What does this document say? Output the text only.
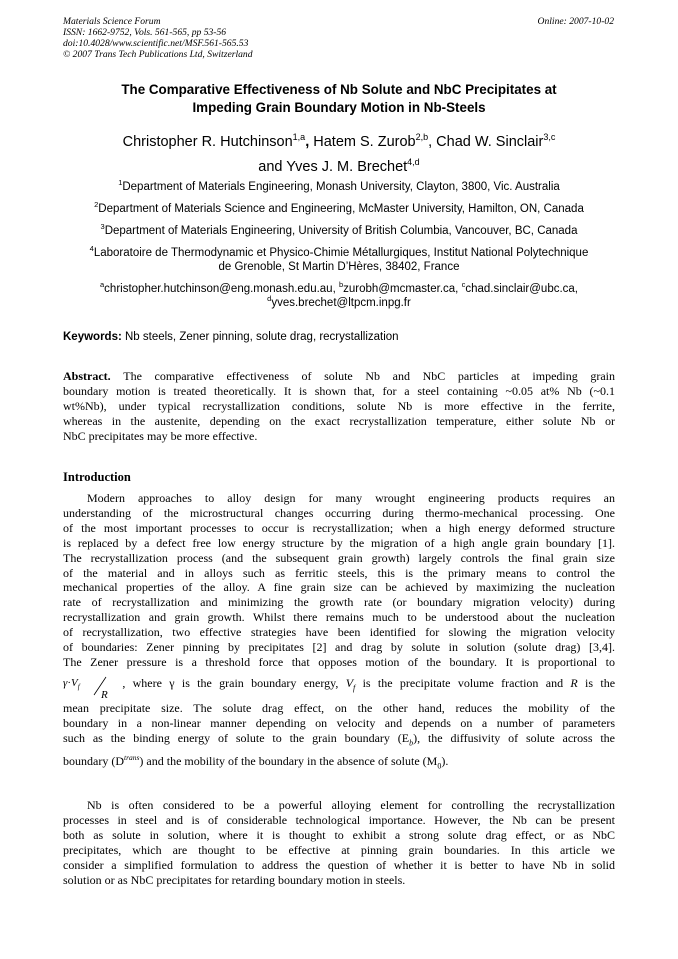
Materials Science Forum
ISSN: 1662-9752, Vols. 561-565, pp 53-56
doi:10.4028/www.scientific.net/MSF.561-565.53
© 2007 Trans Tech Publications Ltd, Switzerland
Online: 2007-10-02
The Comparative Effectiveness of Nb Solute and NbC Precipitates at
Impeding Grain Boundary Motion in Nb-Steels
Christopher R. Hutchinson$^{1,a}$, Hatem S. Zurob$^{2,b}$, Chad W. Sinclair$^{3,c}$
and Yves J. M. Brechet$^{4,d}$
$^1$Department of Materials Engineering, Monash University, Clayton, 3800, Vic. Australia
$^2$Department of Materials Science and Engineering, McMaster University, Hamilton, ON, Canada
$^3$Department of Materials Engineering, University of British Columbia, Vancouver, BC, Canada
$^4$Laboratoire de Thermodynamic et Physico-Chimie Métallurgiques, Institut National Polytechnique
de Grenoble, St Martin D’Hères, 38402, France
$^a$christopher.hutchinson@eng.monash.edu.au, $^b$zurobh@mcmaster.ca, $^c$chad.sinclair@ubc.ca,
$^d$yves.brechet@ltpcm.inpg.fr
Keywords: Nb steels, Zener pinning, solute drag, recrystallization
Abstract. The comparative effectiveness of solute Nb and NbC particles at impeding grain
boundary motion is treated theoretically. It is shown that, for a steel containing ~0.05 at% Nb (~0.1
wt%Nb), under typical recrystallization conditions, solute Nb is more effective in the ferrite,
whereas in the austenite, depending on the exact recrystallization temperature, either solute Nb or
NbC precipitates may be more effective.
Introduction
Modern approaches to alloy design for many wrought engineering products requires an
understanding of the microstructural changes occurring during thermo-mechanical processing. One
of the most important processes to occur is recrystallization; when a high energy deformed structure
is replaced by a defect free low energy structure by the migration of a high angle grain boundary [1].
The recrystallization process (and the subsequent grain growth) largely controls the final grain size
of the material and in alloys such as ferritic steels, this is the primary means to control the
mechanical properties of the alloy. A fine grain size can be achieved by maximizing the nucleation
rate of recrystallization and minimizing the growth rate (or boundary migration velocity) during
recrystallization and grain growth. Whilst there remains much to be understood about the nucleation
of recrystallization, two effective strategies have been identified for slowing the migration velocity
of boundaries: Zener pinning by precipitates [2] and drag by solute in solution (solute drag) [3,4].
The Zener pressure is a threshold force that opposes motion of the boundary. It is proportional to
$\gamma\cdot V_f$
R
, where γ is the grain boundary energy, $V_f$ is the precipitate volume fraction and R is the
mean precipitate size. The solute drag effect, on the other hand, reduces the mobility of the
boundary in a non-linear manner depending on velocity and depends on a number of parameters
such as the binding energy of solute to the grain boundary $(E_b)$, the diffusivity of solute across the
boundary $(D^{trans})$ and the mobility of the boundary in the absence of solute $(M_0)$.
Nb is often considered to be a powerful alloying element for controlling the recrystallization
processes in steel and is of considerable technological importance. However, the Nb can be present
both as solute in solution, where it is thought to exhibit a strong solute drag effect, or as NbC
precipitates, which are thought to be effective at pinning grain boundaries. In this article we
consider a simplified formulation to address the question of whether it is better to have Nb in solid
solution or as NbC precipitates for retarding boundary motion in steels.
